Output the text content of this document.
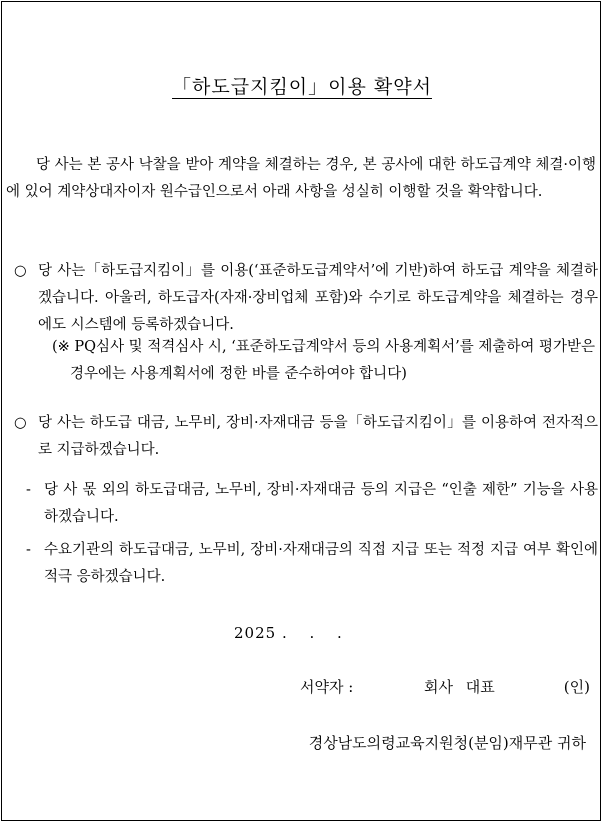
「하도급지킴이」이용 확약서
당 사는 본 공사 낙찰을 받아 계약을 체결하는 경우, 본 공사에 대한 하도급계약 체결·이행에 있어 계약상대자이자 원수급인으로서 아래 사항을 성실히 이행할 것을 확약합니다.
○ 당 사는「하도급지킴이」를 이용(‘표준하도급계약서’에 기반)하여 하도급 계약을 체결하겠습니다. 아울러, 하도급자(자재·장비업체 포함)와 수기로 하도급계약을 체결하는 경우에도 시스템에 등록하겠습니다.
(※ PQ심사 및 적격심사 시, ‘표준하도급계약서 등의 사용계획서’를 제출하여 평가받은 경우에는 사용계획서에 정한 바를 준수하여야 합니다)
○ 당 사는 하도급 대금, 노무비, 장비·자재대금 등을「하도급지킴이」를 이용하여 전자적으로 지급하겠습니다.
- 당 사 몫 외의 하도급대금, 노무비, 장비·자재대금 등의 지급은 “인출 제한” 기능을 사용하겠습니다.
- 수요기관의 하도급대금, 노무비, 장비·자재대금의 직접 지급 또는 적정 지급 여부 확인에 적극 응하겠습니다.
2025 .　 .　 .
서약자 :	회사 대표	(인)
경상남도의령교육지원청(분임)재무관 귀하
